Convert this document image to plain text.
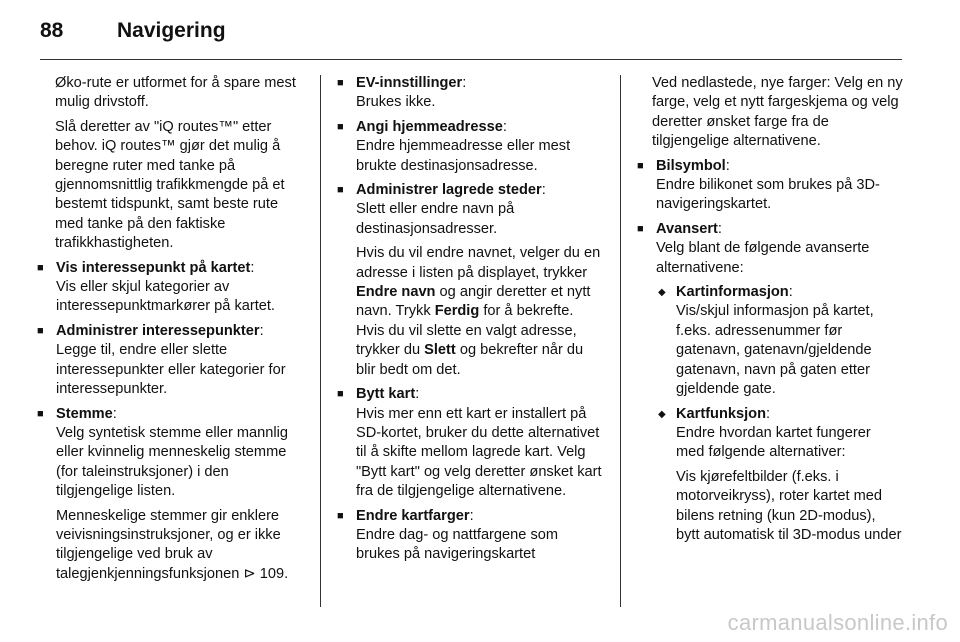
88	Navigering

Øko-rute er utformet for å spare mest mulig drivstoff.

Slå deretter av "iQ routes™" etter behov. iQ routes™ gjør det mulig å beregne ruter med tanke på gjennomsnittlig trafikkmengde på et bestemt tidspunkt, samt beste rute med tanke på den faktiske trafikkhastigheten.

■ Vis interessepunkt på kartet:

Vis eller skjul kategorier av interessepunktmarkører på kartet.

■ Administrer interessepunkter:

Legge til, endre eller slette interessepunkter eller kategorier for interessepunkter.

■ Stemme:

Velg syntetisk stemme eller mannlig eller kvinnelig menneskelig stemme (for taleinstruksjoner) i den tilgjengelige listen.

Menneskelige stemmer gir enklere veivisningsinstruksjoner, og er ikke tilgjengelige ved bruk av talegjenkjenningsfunksjonen ⊳ 109.

■ EV-innstillinger:

Brukes ikke.

■ Angi hjemmeadresse:

Endre hjemmeadresse eller mest brukte destinasjonsadresse.

■ Administrer lagrede steder:

Slett eller endre navn på destinasjonsadresser.

Hvis du vil endre navnet, velger du en adresse i listen på displayet, trykker Endre navn og angir deretter et nytt navn. Trykk Ferdig for å bekrefte. Hvis du vil slette en valgt adresse, trykker du Slett og bekrefter når du blir bedt om det.

■ Bytt kart:

Hvis mer enn ett kart er installert på SD-kortet, bruker du dette alternativet til å skifte mellom lagrede kart. Velg "Bytt kart" og velg deretter ønsket kart fra de tilgjengelige alternativene.

■ Endre kartfarger:

Endre dag- og nattfargene som brukes på navigeringskartet

Ved nedlastede, nye farger: Velg en ny farge, velg et nytt fargeskjema og velg deretter ønsket farge fra de tilgjengelige alternativene.

■ Bilsymbol:

Endre bilikonet som brukes på 3D-navigeringskartet.

■ Avansert:

Velg blant de følgende avanserte alternativene:

◆ Kartinformasjon:

Vis/skjul informasjon på kartet, f.eks. adressenummer før gatenavn, gatenavn/gjeldende gatenavn, navn på gaten etter gjeldende gate.

◆ Kartfunksjon:

Endre hvordan kartet fungerer med følgende alternativer:

Vis kjørefeltbilder (f.eks. i motorveikryss), roter kartet med bilens retning (kun 2D-modus), bytt automatisk til 3D-modus under

carmanualsonline.info
